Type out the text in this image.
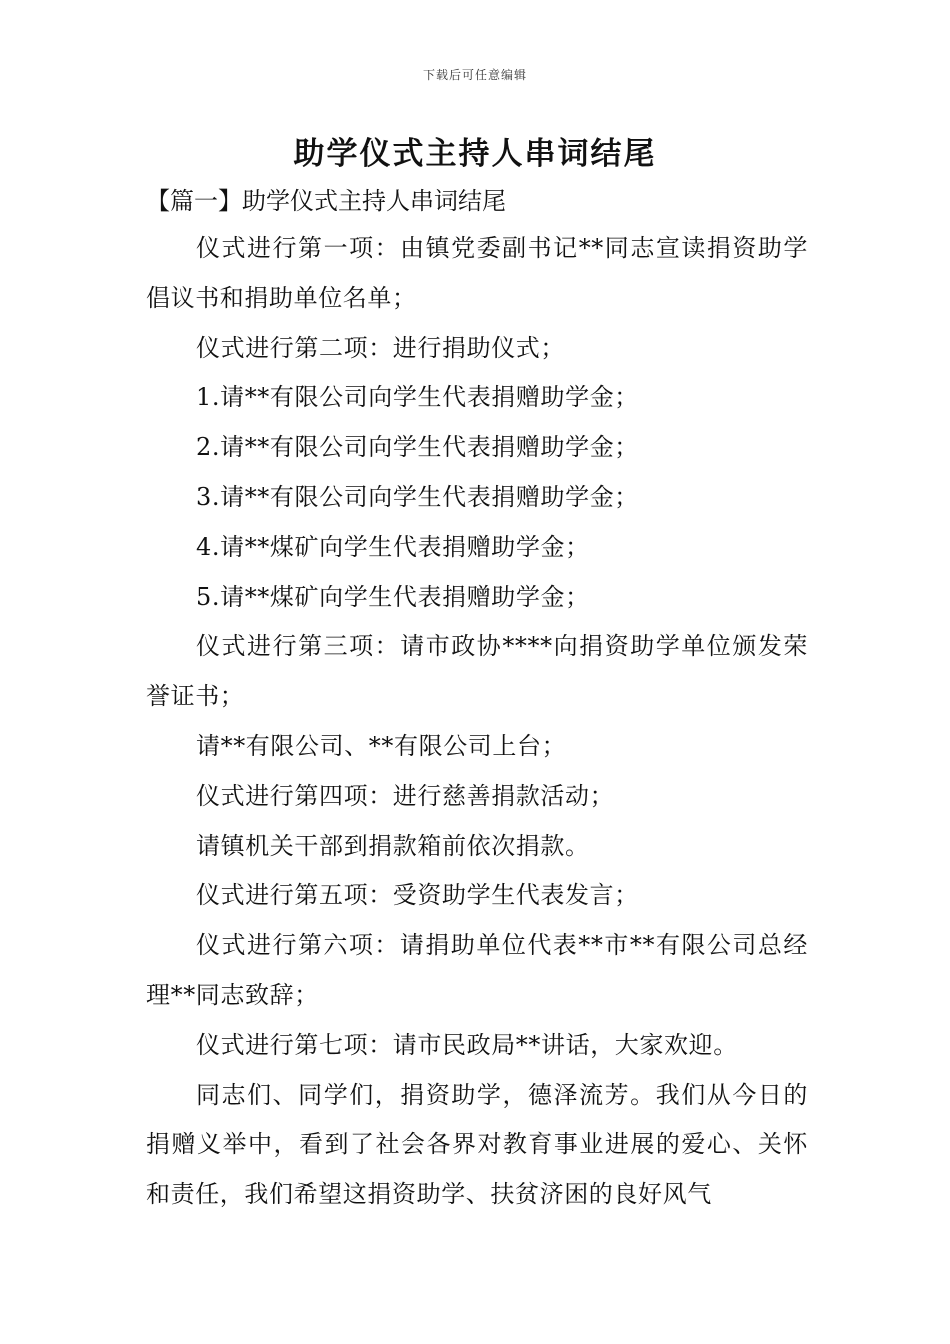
下载后可任意编辑
助学仪式主持人串词结尾

【篇一】助学仪式主持人串词结尾

仪式进行第一项：由镇党委副书记**同志宣读捐资助学倡议书和捐助单位名单；

仪式进行第二项：进行捐助仪式；

1.请**有限公司向学生代表捐赠助学金；

2.请**有限公司向学生代表捐赠助学金；

3.请**有限公司向学生代表捐赠助学金；

4.请**煤矿向学生代表捐赠助学金；

5.请**煤矿向学生代表捐赠助学金；

仪式进行第三项：请市政协****向捐资助学单位颁发荣誉证书；

请**有限公司、**有限公司上台；

仪式进行第四项：进行慈善捐款活动；

请镇机关干部到捐款箱前依次捐款。

仪式进行第五项：受资助学生代表发言；

仪式进行第六项：请捐助单位代表**市**有限公司总经理**同志致辞；

仪式进行第七项：请市民政局**讲话，大家欢迎。

同志们、同学们，捐资助学，德泽流芳。我们从今日的捐赠义举中，看到了社会各界对教育事业进展的爱心、关怀和责任，我们希望这捐资助学、扶贫济困的良好风气
